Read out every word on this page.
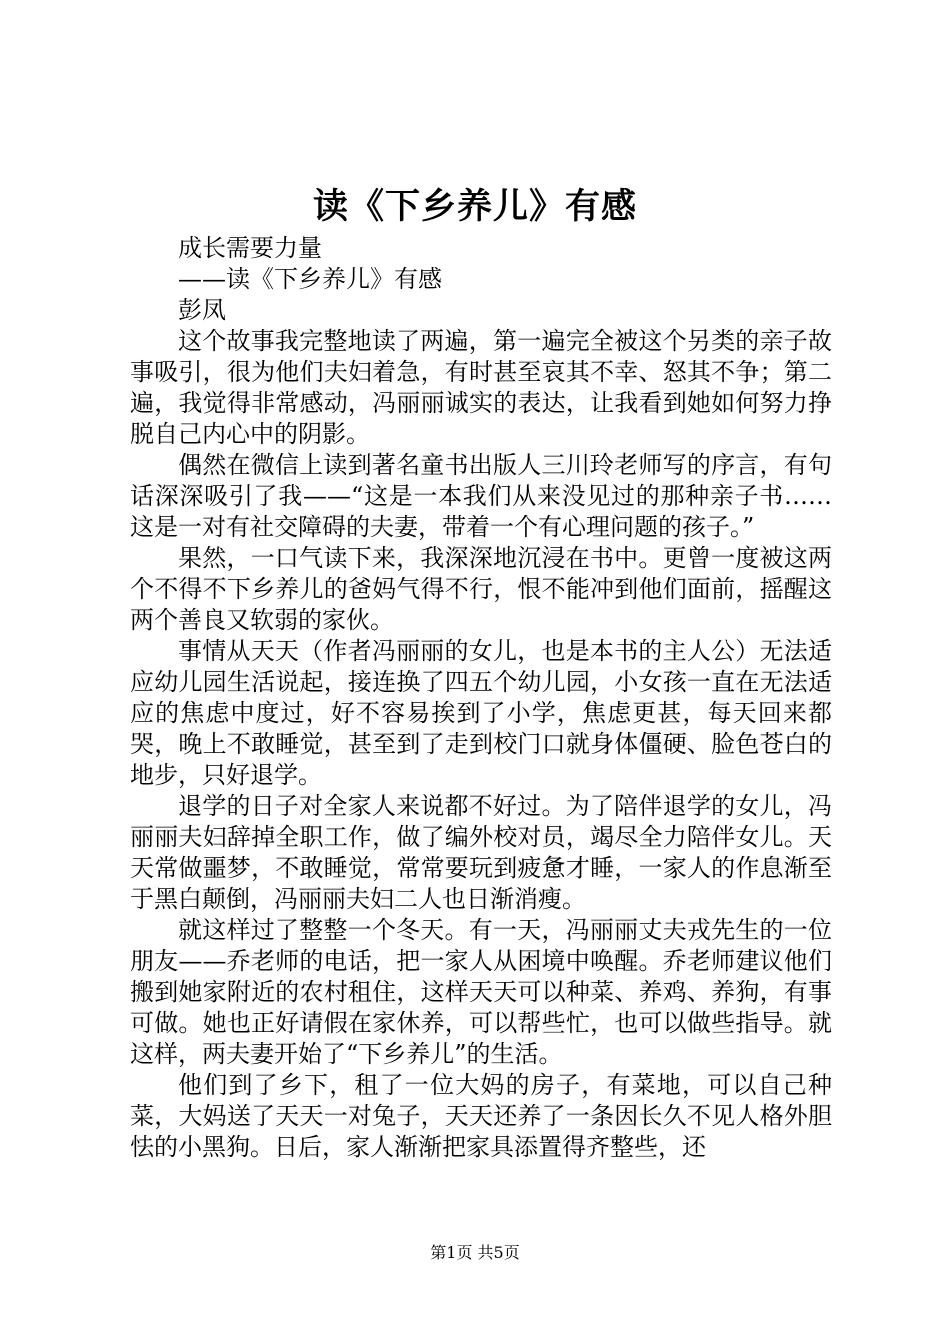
读《下乡养儿》有感

成长需要力量

——读《下乡养儿》有感

彭凤

这个故事我完整地读了两遍，第一遍完全被这个另类的亲子故事吸引，很为他们夫妇着急，有时甚至哀其不幸、怒其不争；第二遍，我觉得非常感动，冯丽丽诚实的表达，让我看到她如何努力挣脱自己内心中的阴影。

偶然在微信上读到著名童书出版人三川玲老师写的序言，有句话深深吸引了我——“这是一本我们从来没见过的那种亲子书……这是一对有社交障碍的夫妻，带着一个有心理问题的孩子。”

果然，一口气读下来，我深深地沉浸在书中。更曾一度被这两个不得不下乡养儿的爸妈气得不行，恨不能冲到他们面前，摇醒这两个善良又软弱的家伙。

事情从天天（作者冯丽丽的女儿，也是本书的主人公）无法适应幼儿园生活说起，接连换了四五个幼儿园，小女孩一直在无法适应的焦虑中度过，好不容易挨到了小学，焦虑更甚，每天回来都哭，晚上不敢睡觉，甚至到了走到校门口就身体僵硬、脸色苍白的地步，只好退学。

退学的日子对全家人来说都不好过。为了陪伴退学的女儿，冯丽丽夫妇辞掉全职工作，做了编外校对员，竭尽全力陪伴女儿。天天常做噩梦，不敢睡觉，常常要玩到疲惫才睡，一家人的作息渐至于黑白颠倒，冯丽丽夫妇二人也日渐消瘦。

就这样过了整整一个冬天。有一天，冯丽丽丈夫戎先生的一位朋友——乔老师的电话，把一家人从困境中唤醒。乔老师建议他们搬到她家附近的农村租住，这样天天可以种菜、养鸡、养狗，有事可做。她也正好请假在家休养，可以帮些忙，也可以做些指导。就这样，两夫妻开始了“下乡养儿”的生活。

他们到了乡下，租了一位大妈的房子，有菜地，可以自己种菜，大妈送了天天一对兔子，天天还养了一条因长久不见人格外胆怯的小黑狗。日后，家人渐渐把家具添置得齐整些，还

第1页 共5页
